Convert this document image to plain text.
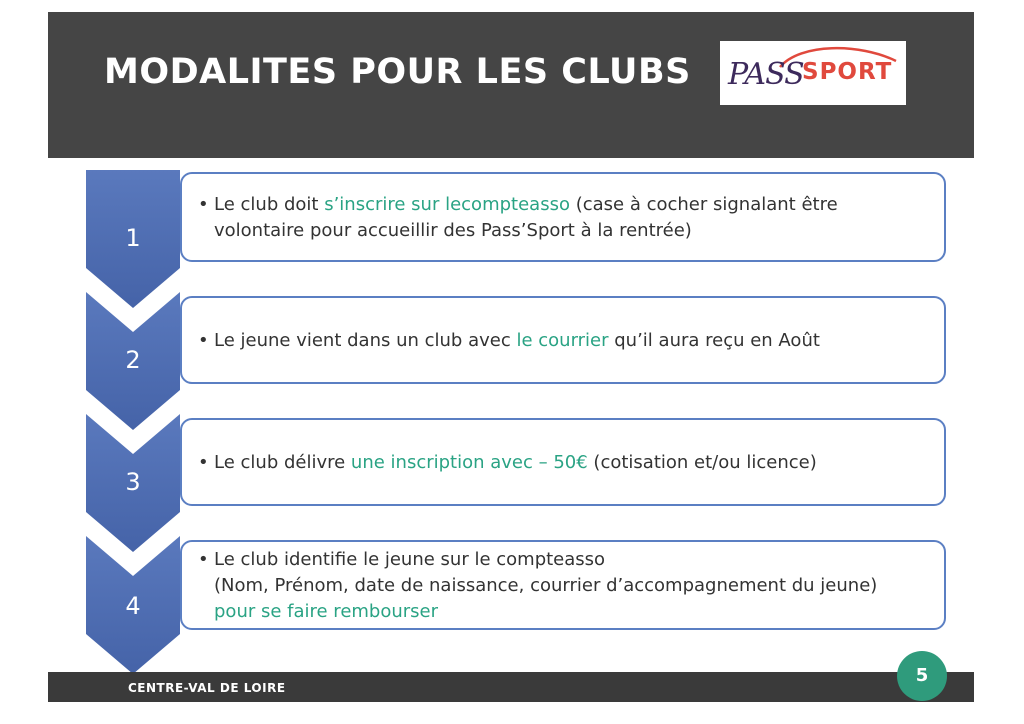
MODALITES POUR LES CLUBS PASS
SPORT
1
2
3
4
• Le club doit s’inscrire sur lecompteasso (case à cocher signalant être
volontaire pour accueillir des Pass’Sport à la rentrée)
• Le jeune vient dans un club avec le courrier qu’il aura reçu en Août
• Le club délivre une inscription avec – 50€ (cotisation et/ou licence)
• Le club identifie le jeune sur le compteasso
(Nom, Prénom, date de naissance, courrier d’accompagnement du jeune)
pour se faire rembourser
CENTRE-VAL DE LOIRE
5
